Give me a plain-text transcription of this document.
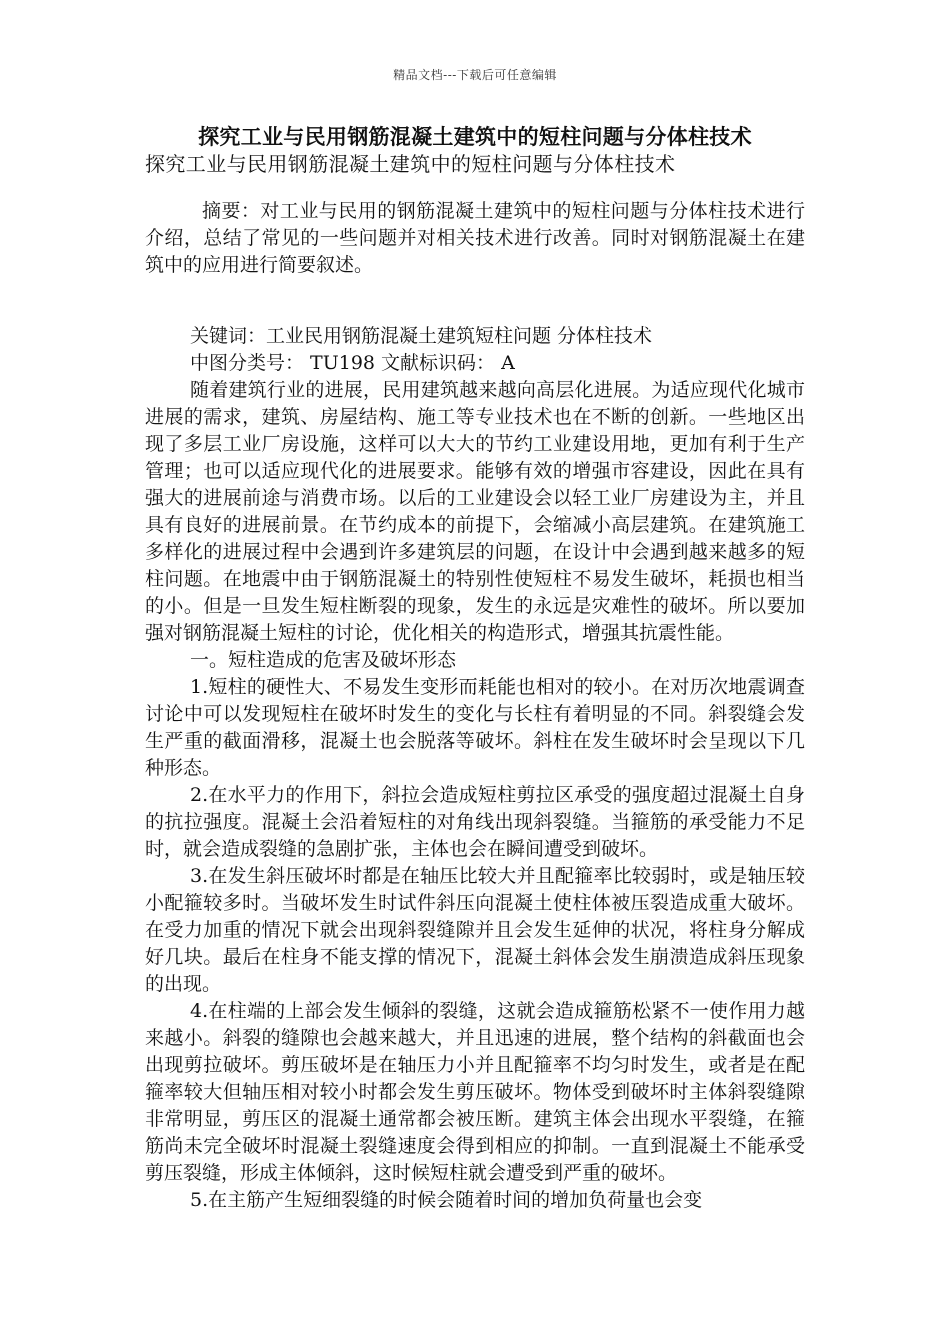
精品文档---下载后可任意编辑
探究工业与民用钢筋混凝土建筑中的短柱问题与分体柱技术
探究工业与民用钢筋混凝土建筑中的短柱问题与分体柱技术

摘要：对工业与民用的钢筋混凝土建筑中的短柱问题与分体柱技术进行介绍，总结了常见的一些问题并对相关技术进行改善。同时对钢筋混凝土在建筑中的应用进行简要叙述。

关键词：工业民用钢筋混凝土建筑短柱问题 分体柱技术

中图分类号： TU198 文献标识码： A

随着建筑行业的进展，民用建筑越来越向高层化进展。为适应现代化城市进展的需求，建筑、房屋结构、施工等专业技术也在不断的创新。一些地区出现了多层工业厂房设施，这样可以大大的节约工业建设用地，更加有利于生产管理；也可以适应现代化的进展要求。能够有效的增强市容建设，因此在具有强大的进展前途与消费市场。以后的工业建设会以轻工业厂房建设为主，并且具有良好的进展前景。在节约成本的前提下，会缩减小高层建筑。在建筑施工多样化的进展过程中会遇到许多建筑层的问题，在设计中会遇到越来越多的短柱问题。在地震中由于钢筋混凝土的特别性使短柱不易发生破坏，耗损也相当的小。但是一旦发生短柱断裂的现象，发生的永远是灾难性的破坏。所以要加强对钢筋混凝土短柱的讨论，优化相关的构造形式，增强其抗震性能。

一。短柱造成的危害及破坏形态

1.短柱的硬性大、不易发生变形而耗能也相对的较小。在对历次地震调查讨论中可以发现短柱在破坏时发生的变化与长柱有着明显的不同。斜裂缝会发生严重的截面滑移，混凝土也会脱落等破坏。斜柱在发生破坏时会呈现以下几种形态。

2.在水平力的作用下，斜拉会造成短柱剪拉区承受的强度超过混凝土自身的抗拉强度。混凝土会沿着短柱的对角线出现斜裂缝。当箍筋的承受能力不足时，就会造成裂缝的急剧扩张，主体也会在瞬间遭受到破坏。

3.在发生斜压破坏时都是在轴压比较大并且配箍率比较弱时，或是轴压较小配箍较多时。当破坏发生时试件斜压向混凝土使柱体被压裂造成重大破坏。在受力加重的情况下就会出现斜裂缝隙并且会发生延伸的状况，将柱身分解成好几块。最后在柱身不能支撑的情况下，混凝土斜体会发生崩溃造成斜压现象的出现。

4.在柱端的上部会发生倾斜的裂缝，这就会造成箍筋松紧不一使作用力越来越小。斜裂的缝隙也会越来越大，并且迅速的进展，整个结构的斜截面也会出现剪拉破坏。剪压破坏是在轴压力小并且配箍率不均匀时发生，或者是在配箍率较大但轴压相对较小时都会发生剪压破坏。物体受到破坏时主体斜裂缝隙非常明显，剪压区的混凝土通常都会被压断。建筑主体会出现水平裂缝，在箍筋尚未完全破坏时混凝土裂缝速度会得到相应的抑制。一直到混凝土不能承受剪压裂缝，形成主体倾斜，这时候短柱就会遭受到严重的破坏。

5.在主筋产生短细裂缝的时候会随着时间的增加负荷量也会变
